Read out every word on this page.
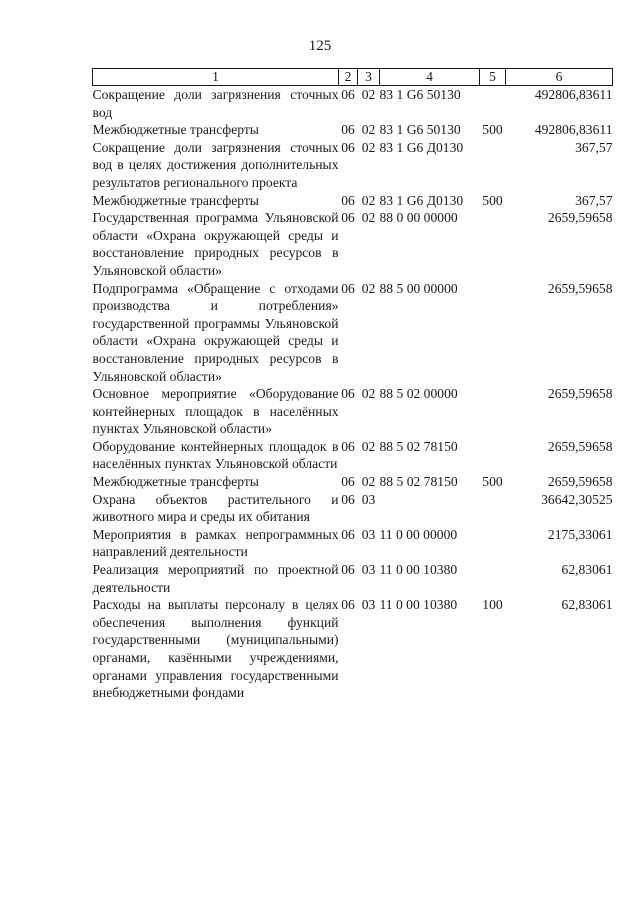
125
1	2	3	4	5	6
Сокращение доли загрязнения сточных вод	06	02	83 1 G6 50130		492806,83611
Межбюджетные трансферты	06	02	83 1 G6 50130	500	492806,83611
Сокращение доли загрязнения сточных вод в целях достижения дополнительных результатов регионального проекта	06	02	83 1 G6 Д0130		367,57
Межбюджетные трансферты	06	02	83 1 G6 Д0130	500	367,57
Государственная программа Ульяновской области «Охрана окружающей среды и восстановление природных ресурсов в Ульяновской области»	06	02	88 0 00 00000		2659,59658
Подпрограмма «Обращение с отходами производства и потребления» государственной программы Ульяновской области «Охрана окружающей среды и восстановление природных ресурсов в Ульяновской области»	06	02	88 5 00 00000		2659,59658
Основное мероприятие «Оборудование контейнерных площадок в населённых пунктах Ульяновской области»	06	02	88 5 02 00000		2659,59658
Оборудование контейнерных площадок в населённых пунктах Ульяновской области	06	02	88 5 02 78150		2659,59658
Межбюджетные трансферты	06	02	88 5 02 78150	500	2659,59658
Охрана объектов растительного и животного мира и среды их обитания	06	03			36642,30525
Мероприятия в рамках непрограммных направлений деятельности	06	03	11 0 00 00000		2175,33061
Реализация мероприятий по проектной деятельности	06	03	11 0 00 10380		62,83061
Расходы на выплаты персоналу в целях обеспечения выполнения функций государственными (муниципальными) органами, казёнными учреждениями, органами управления государственными внебюджетными фондами	06	03	11 0 00 10380	100	62,83061
